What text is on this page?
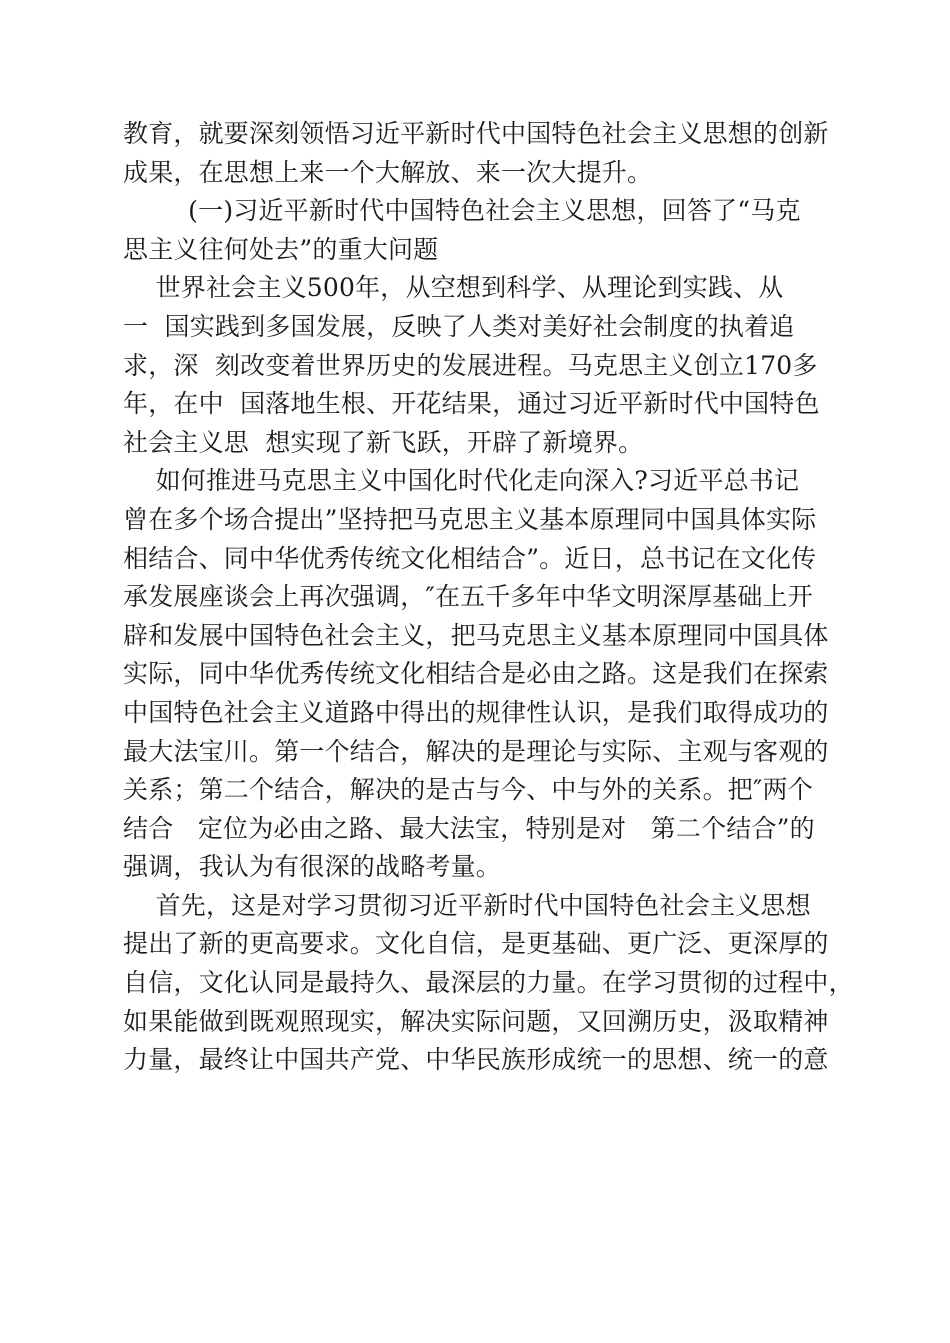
教育，就要深刻领悟习近平新时代中国特色社会主义思想的创新
成果，在思想上来一个大解放、来一次大提升。
(一)习近平新时代中国特色社会主义思想，回答了“马克
思主义往何处去”的重大问题
世界社会主义500年，从空想到科学、从理论到实践、从
一  国实践到多国发展，反映了人类对美好社会制度的执着追
求，深  刻改变着世界历史的发展进程。马克思主义创立170多
年，在中  国落地生根、开花结果，通过习近平新时代中国特色
社会主义思  想实现了新飞跃，开辟了新境界。
如何推进马克思主义中国化时代化走向深入?习近平总书记
曾在多个场合提出”坚持把马克思主义基本原理同中国具体实际
相结合、同中华优秀传统文化相结合”。近日，总书记在文化传
承发展座谈会上再次强调，″在五千多年中华文明深厚基础上开
辟和发展中国特色社会主义，把马克思主义基本原理同中国具体
实际，同中华优秀传统文化相结合是必由之路。这是我们在探索
中国特色社会主义道路中得出的规律性认识，是我们取得成功的
最大法宝川。第一个结合，解决的是理论与实际、主观与客观的
关系；第二个结合，解决的是古与今、中与外的关系。把″两个
结合   定位为必由之路、最大法宝，特别是对   第二个结合”的
强调，我认为有很深的战略考量。
首先，这是对学习贯彻习近平新时代中国特色社会主义思想
提出了新的更高要求。文化自信，是更基础、更广泛、更深厚的
自信，文化认同是最持久、最深层的力量。在学习贯彻的过程中，
如果能做到既观照现实，解决实际问题，又回溯历史，汲取精神
力量，最终让中国共产党、中华民族形成统一的思想、统一的意
